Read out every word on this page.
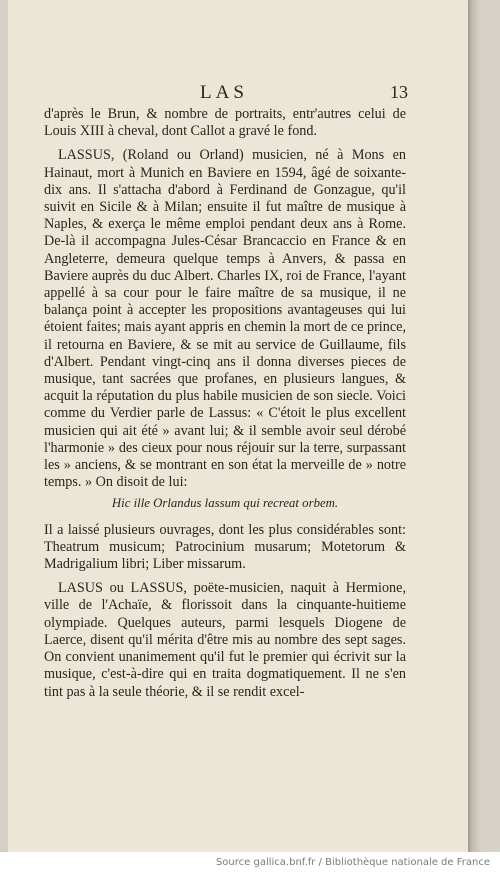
LAS	13

d'après le Brun, & nombre de portraits, entr'autres celui de Louis XIII à cheval, dont Callot a gravé le fond.

LASSUS, (Roland ou Orland) musicien, né à Mons en Hainaut, mort à Munich en Baviere en 1594, âgé de soixante-dix ans. Il s'attacha d'abord à Ferdinand de Gonzague, qu'il suivit en Sicile & à Milan; ensuite il fut maître de musique à Naples, & exerça le même emploi pendant deux ans à Rome. De-là il accompagna Jules-César Brancaccio en France & en Angleterre, demeura quelque temps à Anvers, & passa en Baviere auprès du duc Albert. Charles IX, roi de France, l'ayant appellé à sa cour pour le faire maître de sa musique, il ne balança point à accepter les propositions avantageuses qui lui étoient faites; mais ayant appris en chemin la mort de ce prince, il retourna en Baviere, & se mit au service de Guillaume, fils d'Albert. Pendant vingt-cinq ans il donna diverses pieces de musique, tant sacrées que profanes, en plusieurs langues, & acquit la réputation du plus habile musicien de son siecle. Voici comme du Verdier parle de Lassus: « C'étoit le plus excellent musicien qui ait été » avant lui; & il semble avoir seul dérobé l'harmonie » des cieux pour nous réjouir sur la terre, surpassant les » anciens, & se montrant en son état la merveille de » notre temps. » On disoit de lui:

Hic ille Orlandus lassum qui recreat orbem.

Il a laissé plusieurs ouvrages, dont les plus considérables sont: Theatrum musicum; Patrocinium musarum; Motetorum & Madrigalium libri; Liber missarum.

LASUS ou LASSUS, poëte-musicien, naquit à Hermione, ville de l'Achaïe, & florissoit dans la cinquante-huitieme olympiade. Quelques auteurs, parmi lesquels Diogene de Laerce, disent qu'il mérita d'être mis au nombre des sept sages. On convient unanimement qu'il fut le premier qui écrivit sur la musique, c'est-à-dire qui en traita dogmatiquement. Il ne s'en tint pas à la seule théorie, & il se rendit excel-

Source gallica.bnf.fr / Bibliothèque nationale de France
